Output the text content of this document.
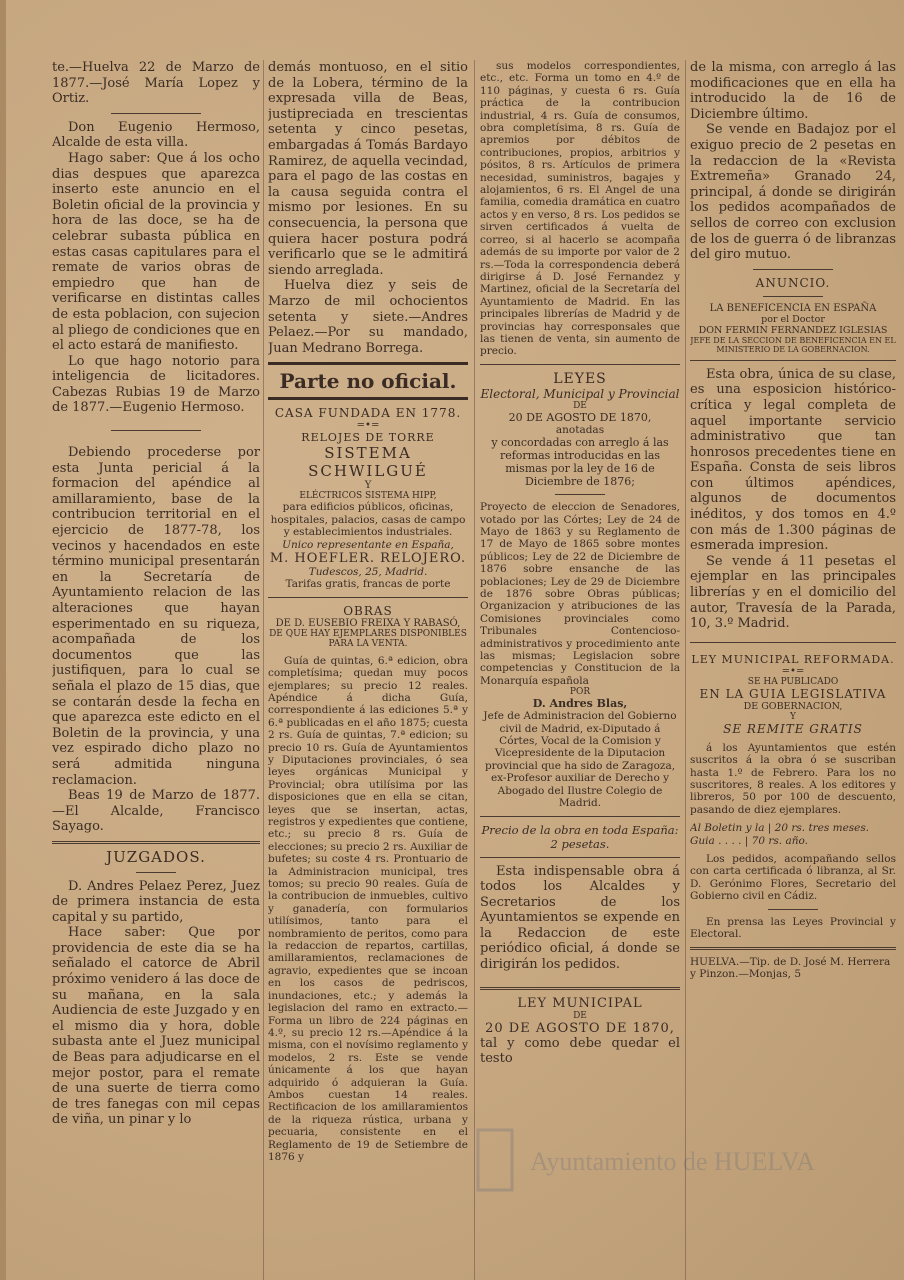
te.—Huelva 22 de Marzo de 1877.—José María Lopez y Ortiz.

Don Eugenio Hermoso, Alcalde de esta villa.

Hago saber: Que á los ocho dias despues que aparezca inserto este anuncio en el Boletin oficial de la provincia y hora de las doce, se ha de celebrar subasta pública en estas casas capitulares para el remate de varios obras de empiedro que han de verificarse en distintas calles de esta poblacion, con sujecion al pliego de condiciones que en el acto estará de manifiesto.

Lo que hago notorio para inteligencia de licitadores. Cabezas Rubias 19 de Marzo de 1877.—Eugenio Hermoso.

Debiendo procederse por esta Junta pericial á la formacion del apéndice al amillaramiento, base de la contribucion territorial en el ejercicio de 1877-78, los vecinos y hacendados en este término municipal presentarán en la Secretaría de Ayuntamiento relacion de las alteraciones que hayan esperimentado en su riqueza, acompañada de los documentos que las justifiquen, para lo cual se señala el plazo de 15 dias, que se contarán desde la fecha en que aparezca este edicto en el Boletin de la provincia, y una vez espirado dicho plazo no será admitida ninguna reclamacion.

Beas 19 de Marzo de 1877. —El Alcalde, Francisco Sayago.

JUZGADOS.

D. Andres Pelaez Perez, Juez de primera instancia de esta capital y su partido,

Hace saber: Que por providencia de este dia se ha señalado el catorce de Abril próximo venidero á las doce de su mañana, en la sala Audiencia de este Juzgado y en el mismo dia y hora, doble subasta ante el Juez municipal de Beas para adjudicarse en el mejor postor, para el remate de una suerte de tierra como de tres fanegas con mil cepas de viña, un pinar y lo

demás montuoso, en el sitio de la Lobera, término de la expresada villa de Beas, justipreciada en trescientas setenta y cinco pesetas, embargadas á Tomás Bardayo Ramirez, de aquella vecindad, para el pago de las costas en la causa seguida contra el mismo por lesiones. En su consecuencia, la persona que quiera hacer postura podrá verificarlo que se le admitirá siendo arreglada.

Huelva diez y seis de Marzo de mil ochocientos setenta y siete.—Andres Pelaez.—Por su mandado, Juan Medrano Borrega.

Parte no oficial.

CASA FUNDADA EN 1778.

=•=

RELOJES DE TORRE

SISTEMA SCHWILGUÉ

Y

ELÉCTRICOS SISTEMA HIPP,

para edificios públicos, oficinas, hospitales, palacios, casas de campo y establecimientos industriales.

Unico representante en España,

M. HOEFLER. RELOJERO.

Tudescos, 25, Madrid.

Tarifas gratis, francas de porte

OBRAS

DE D. EUSEBIO FREIXA Y RABASÓ,

DE QUE HAY EJEMPLARES DISPONIBLES PARA LA VENTA.

Guía de quintas, 6.ª edicion, obra completísima; quedan muy pocos ejemplares; su precio 12 reales. Apéndice á dicha Guía, correspondiente á las ediciones 5.ª y 6.ª publicadas en el año 1875; cuesta 2 rs. Guía de quintas, 7.ª edicion; su precio 10 rs. Guía de Ayuntamientos y Diputaciones provinciales, ó sea leyes orgánicas Municipal y Provincial; obra utilísima por las disposiciones que en ella se citan, leyes que se insertan, actas, registros y expedientes que contiene, etc.; su precio 8 rs. Guía de elecciones; su precio 2 rs. Auxiliar de bufetes; su coste 4 rs. Prontuario de la Administracion municipal, tres tomos; su precio 90 reales. Guía de la contribucion de inmuebles, cultivo y ganadería, con formularios utilísimos, tanto para el nombramiento de peritos, como para la redaccion de repartos, cartillas, amillaramientos, reclamaciones de agravio, expedientes que se incoan en los casos de pedriscos, inundaciones, etc.; y además la legislacion del ramo en extracto.—Forma un libro de 224 páginas en 4.º, su precio 12 rs.—Apéndice á la misma, con el novísimo reglamento y modelos, 2 rs. Este se vende únicamente á los que hayan adquirido ó adquieran la Guía. Ambos cuestan 14 reales. Rectificacion de los amillaramientos de la riqueza rústica, urbana y pecuaria, consistente en el Reglamento de 19 de Setiembre de 1876 y

sus modelos correspondientes, etc., etc. Forma un tomo en 4.º de 110 páginas, y cuesta 6 rs. Guía práctica de la contribucion industrial, 4 rs. Guía de consumos, obra completísima, 8 rs. Guía de apremios por débitos de contribuciones, propios, arbitrios y pósitos, 8 rs. Artículos de primera necesidad, suministros, bagajes y alojamientos, 6 rs. El Angel de una familia, comedia dramática en cuatro actos y en verso, 8 rs. Los pedidos se sirven certificados á vuelta de correo, si al hacerlo se acompaña además de su importe por valor de 2 rs.—Toda la correspondencia deberá dirigirse á D. José Fernandez y Martinez, oficial de la Secretaría del Ayuntamiento de Madrid. En las principales librerías de Madrid y de provincias hay corresponsales que las tienen de venta, sin aumento de precio.

LEYES

Electoral, Municipal y Provincial

DE

20 DE AGOSTO DE 1870,

anotadas

y concordadas con arreglo á las reformas introducidas en las mismas por la ley de 16 de Diciembre de 1876;

Proyecto de eleccion de Senadores, votado por las Córtes; Ley de 24 de Mayo de 1863 y su Reglamento de 17 de Mayo de 1865 sobre montes públicos; Ley de 22 de Diciembre de 1876 sobre ensanche de las poblaciones; Ley de 29 de Diciembre de 1876 sobre Obras públicas; Organizacion y atribuciones de las Comisiones provinciales como Tribunales Contencioso-administrativos y procedimiento ante las mismas; Legislacion sobre competencias y Constitucion de la Monarquía española

POR

D. Andres Blas,

Jefe de Administracion del Gobierno civil de Madrid, ex-Diputado á Córtes, Vocal de la Comision y Vicepresidente de la Diputacion provincial que ha sido de Zaragoza, ex-Profesor auxiliar de Derecho y Abogado del Ilustre Colegio de Madrid.

Precio de la obra en toda España: 2 pesetas.

Esta indispensable obra á todos los Alcaldes y Secretarios de los Ayuntamientos se expende en la Redaccion de este periódico oficial, á donde se dirigirán los pedidos.

LEY MUNICIPAL

DE

20 DE AGOSTO DE 1870,

tal y como debe quedar el testo

de la misma, con arreglo á las modificaciones que en ella ha introducido la de 16 de Diciembre último.

Se vende en Badajoz por el exiguo precio de 2 pesetas en la redaccion de la «Revista Extremeña» Granado 24, principal, á donde se dirigirán los pedidos acompañados de sellos de correo con exclusion de los de guerra ó de libranzas del giro mutuo.

ANUNCIO.

LA BENEFICENCIA EN ESPAÑA

por el Doctor

DON FERMIN FERNANDEZ IGLESIAS

JEFE DE LA SECCION DE BENEFICENCIA EN EL MINISTERIO DE LA GOBERNACION.

Esta obra, única de su clase, es una esposicion histórico-crítica y legal completa de aquel importante servicio administrativo que tan honrosos precedentes tiene en España. Consta de seis libros con últimos apéndices, algunos de documentos inéditos, y dos tomos en 4.º con más de 1.300 páginas de esmerada impresion.

Se vende á 11 pesetas el ejemplar en las principales librerías y en el domicilio del autor, Travesía de la Parada, 10, 3.º Madrid.

LEY MUNICIPAL REFORMADA.

=•=

SE HA PUBLICADO

EN LA GUIA LEGISLATIVA

DE GOBERNACION,

Y

SE REMITE GRATIS

á los Ayuntamientos que estén suscritos á la obra ó se suscriban hasta 1.º de Febrero. Para los no suscritores, 8 reales. A los editores y libreros, 50 por 100 de descuento, pasando de diez ejemplares.

Al Boletin y la | 20 rs. tres meses.

Guia . . . . | 70 rs. año.

Los pedidos, acompañando sellos con carta certificada ó libranza, al Sr. D. Gerónimo Flores, Secretario del Gobierno civil en Cádiz.

En prensa las Leyes Provincial y Electoral.

HUELVA.—Tip. de D. José M. Herrera y Pinzon.—Monjas, 5

Ayuntamiento de HUELVA
